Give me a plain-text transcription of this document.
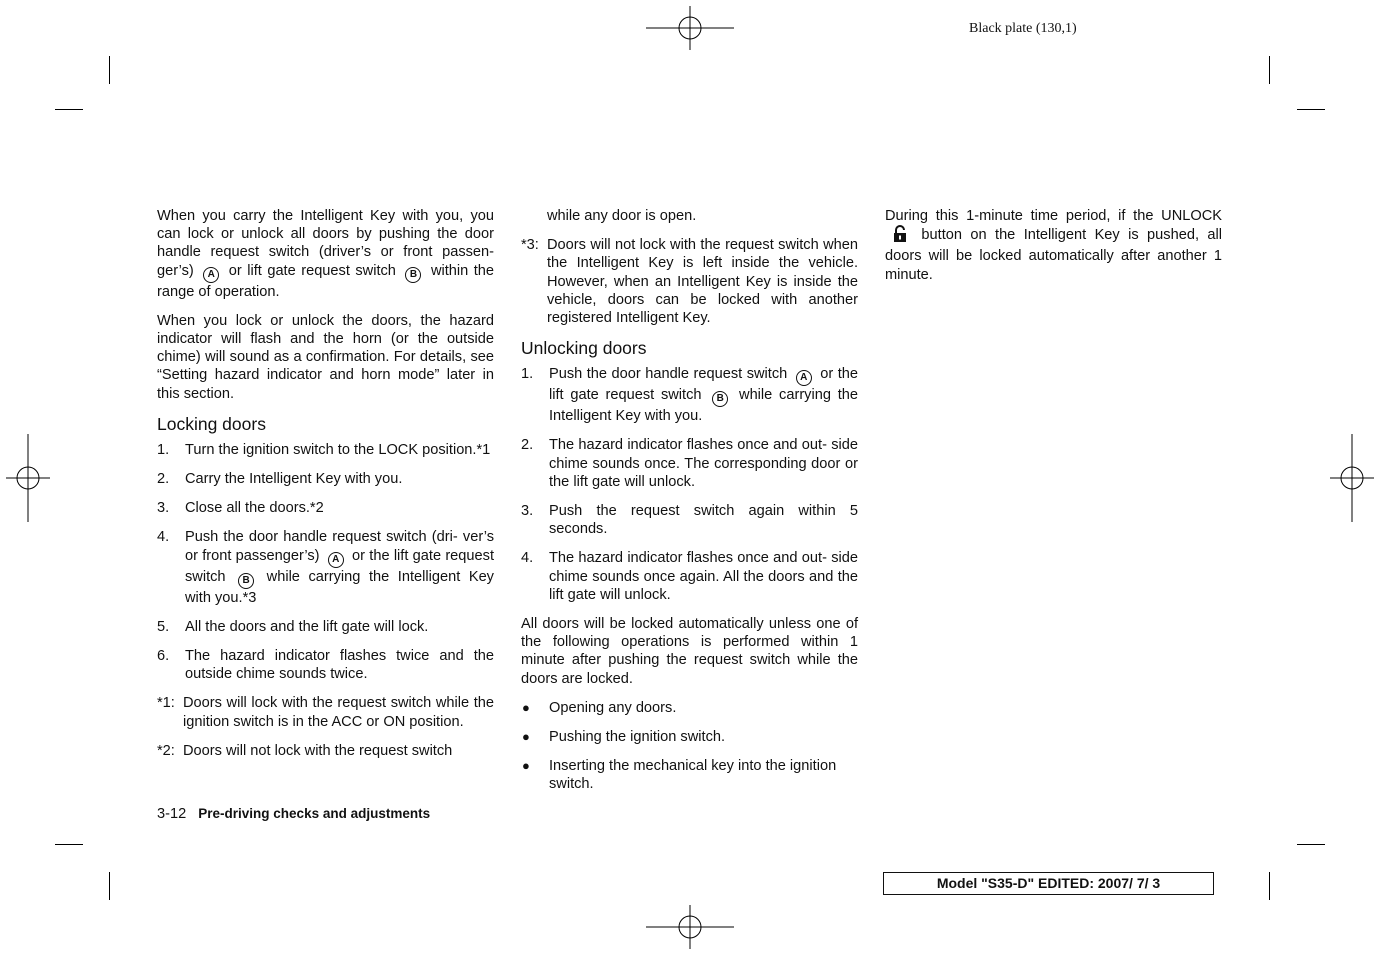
Black plate (130,1)

When you carry the Intelligent Key with you, you can lock or unlock all doors by pushing the door handle request switch (driver’s or front passen- ger’s) A or lift gate request switch B within the range of operation.

When you lock or unlock the doors, the hazard indicator will flash and the horn (or the outside chime) will sound as a confirmation. For details, see “Setting hazard indicator and horn mode” later in this section.

Locking doors
1. Turn the ignition switch to the LOCK position.*1
2. Carry the Intelligent Key with you.
3. Close all the doors.*2
4. Push the door handle request switch (dri- ver’s or front passenger’s) A or the lift gate request switch B while carrying the Intelligent Key with you.*3
5. All the doors and the lift gate will lock.
6. The hazard indicator flashes twice and the outside chime sounds twice.
*1: Doors will lock with the request switch while the ignition switch is in the ACC or ON position.
*2: Doors will not lock with the request switch

while any door is open.

*3: Doors will not lock with the request switch when the Intelligent Key is left inside the vehicle. However, when an Intelligent Key is inside the vehicle, doors can be locked with another registered Intelligent Key.
Unlocking doors
1. Push the door handle request switch A or the lift gate request switch B while carrying the Intelligent Key with you.
2. The hazard indicator flashes once and out- side chime sounds once. The corresponding door or the lift gate will unlock.
3. Push the request switch again within 5 seconds.
4. The hazard indicator flashes once and out- side chime sounds once again. All the doors and the lift gate will unlock.

All doors will be locked automatically unless one of the following operations is performed within 1 minute after pushing the request switch while the doors are locked.

● Opening any doors.
● Pushing the ignition switch.
● Inserting the mechanical key into the ignition switch.

During this 1-minute time period, if the UNLOCK  button on the Intelligent Key is pushed, all doors will be locked automatically after another 1 minute.

3-12 Pre-driving checks and adjustments
Model "S35-D" EDITED: 2007/ 7/ 3
